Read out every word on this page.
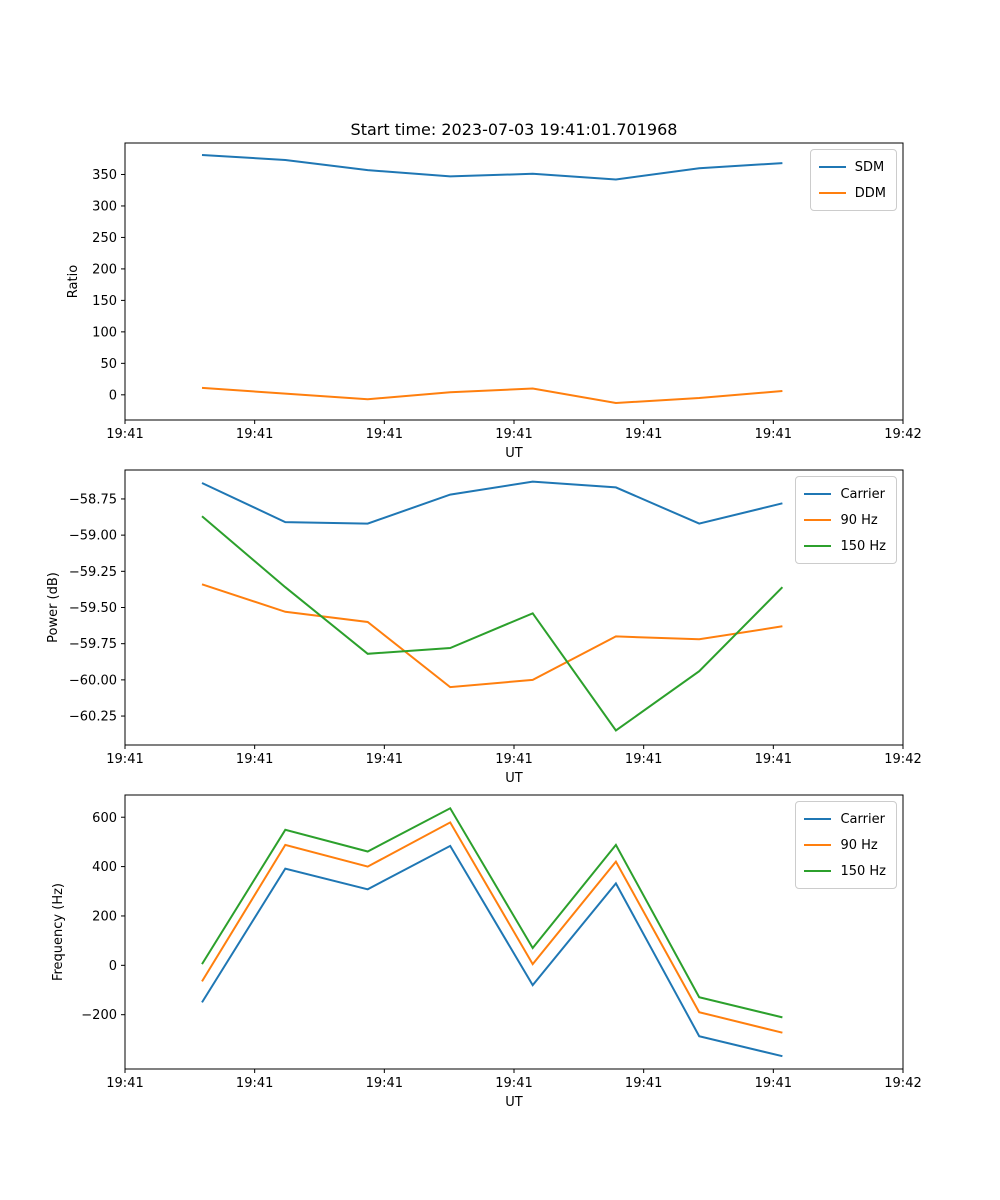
Start time: 2023-07-03 19:41:01.701968
0
50
100
150
200
250
300
350
19:41	19:41	19:41	19:41	19:41	19:41	19:42
UT
Ratio
−58.75
−59.00
−59.25
−59.50
−59.75
−60.00
−60.25
19:41	19:41	19:41	19:41	19:41	19:41	19:42
UT
Power (dB)
600
400
200
0
−200
19:41	19:41	19:41	19:41	19:41	19:41	19:42
UT
Frequency (Hz)
SDM
DDM
Carrier
90 Hz
150 Hz
Carrier
90 Hz
150 Hz
